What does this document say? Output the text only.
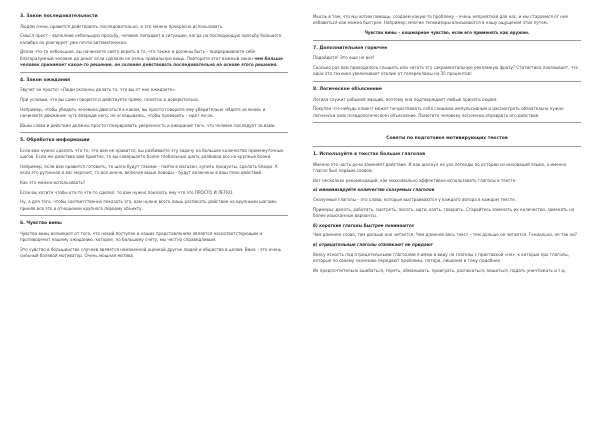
3. Закон последовательности

Людям очень нравится действовать последовательно, и это можно прекрасно использовать.

Смысл прост – выполнив небольшую просьбу, человек попадает в ситуацию, когда на последующую просьбу большего калибра он реагирует уже почти автоматически.

Делая что-то небольшое, вы начинаете свято верить в то, что также и должны быть – придерживаете себе благоразумный человек до денег если сделали не очень правильную вещь. Повторите этот важный закон чем больше человек принимает какое-то решение, он склонен действовать последовательно на основе этого решения.

4. Закон ожидания

Звучит он просто: «Люди склонны делать то, что вы от них ожидаете».

При условии, что вы сами говорите и действуете прямо, понятно и доверительно.

Например, чтобы убедить человека двигаться в каком, вы просто говорите ему убедительно «Идите за мной» и начинаете движение чуть впереди него, не оглядываясь, чтобы проверить – идет ли он.

Ваши слова и действия должны просто генерировать уверенность и ожидание того, что человек последует за вами.

5. Обработка информации

Если вам нужно сделать что-то, что вам не нравится, вы разбиваете эту задачу на большое количество промежуточных шагов. Если же действие вам приятно, то вы совершаете более глобальные шаги, разбивая все на крупные блоки.

Например, если вам нравится готовить, то шаги будут такими – пойти в магазин, купить продукты, сделать блюдо. А если это рутинная и вас морочит, то все иначе, включая выше поводы – будут включены в ваш план действий.

Как это можно использовать?

Если вы хотите чтобы кто-то что-то сделал, то вам нужно показать ему что это ПРОСТО И ЛЕГКО.

Ну, а для того, чтобы соответственно показать это, вам нужно всего лишь расписать действие на крупными шагами, приняв все это в отношении крупного первому объекту.

6. Чувство вины

Чувство вины возникает от того, что некий поступок в наших представлениях является несоответствующим и противоречит нашему ожиданию, которое, по большому счету, мы честно справедливым.

Это чувство в большинстве случаев является неизменной оценкой других людей и общества в целом. Вина – это очень сильный болевой мотиватор. Очень мощная мотива

Мысль в том, что мы хотим помощь, создаем какую-то проблему – очень неприятная для нас, и мы стараемся от нее избавиться как можно быстрее. Например, многие телевизоры вписываются в нашу ощущения этих путем.

Чувство вины – кошмарное чувство, если его применять как оружие.

7. Дополнительное горючее

Подойдите! Это еще не все!

Сколько раз вам приходилось слышать или читать эту сакраментальную рекламную фразу? Статистика показывает, что одна эта техника увеличивает отклик от телерекламы на 35 процентов!

8. Логическое объяснение

Логика служит рабыней эмоций, поэтому она подтверждает любые приняти людей.

Покупая что-нибудь клиент может почувствовать себя слишком импульсивным и рассмотреть обязательно нужно логически (или псевдологическое) объяснение. Помогите человеку логически оправдать его действия.

Советы по подготовке мотивирующих текстов
1. Используйте в текстах больше глаголов

Именно это часть речи заменяет действие. И как шепнул на ухо легенды по истории из инноваций языка, а именно глагол был первым словом.

Вот несколько рекомендаций, как максимально эффективно использовать глаголы в тексте:

а) минимизируйте количество сказуемых глаголов

Сказуемые глаголы – это слова, которые выстраиваются у каждого автора в каждом тексте.

Примеры: делать, работать, смотреть, писать, идти, взять, говорить. Старайтесь заменять их количество, заменять на более изысканные варианты.

б) короткие глаголы быстрее понимаются

Чем длиннее слово, тем дольше оно читается. Чем длиннее весь текст – тем дольше он читается. Гениально, не так ли?

в) отрицательные глаголы отвлекают не придают

Внесу ясность под отрицательными глаголами я имею в виду не глаголы с приставкой «не», к которые про глаголы, которые по своему значению передают проблемы, потери, лишения и тому подобное.

Их предпочтительно ошибаться, терять, обманывать, проиграть, расписаться, лишиться, подать уничтожать и т.д.
